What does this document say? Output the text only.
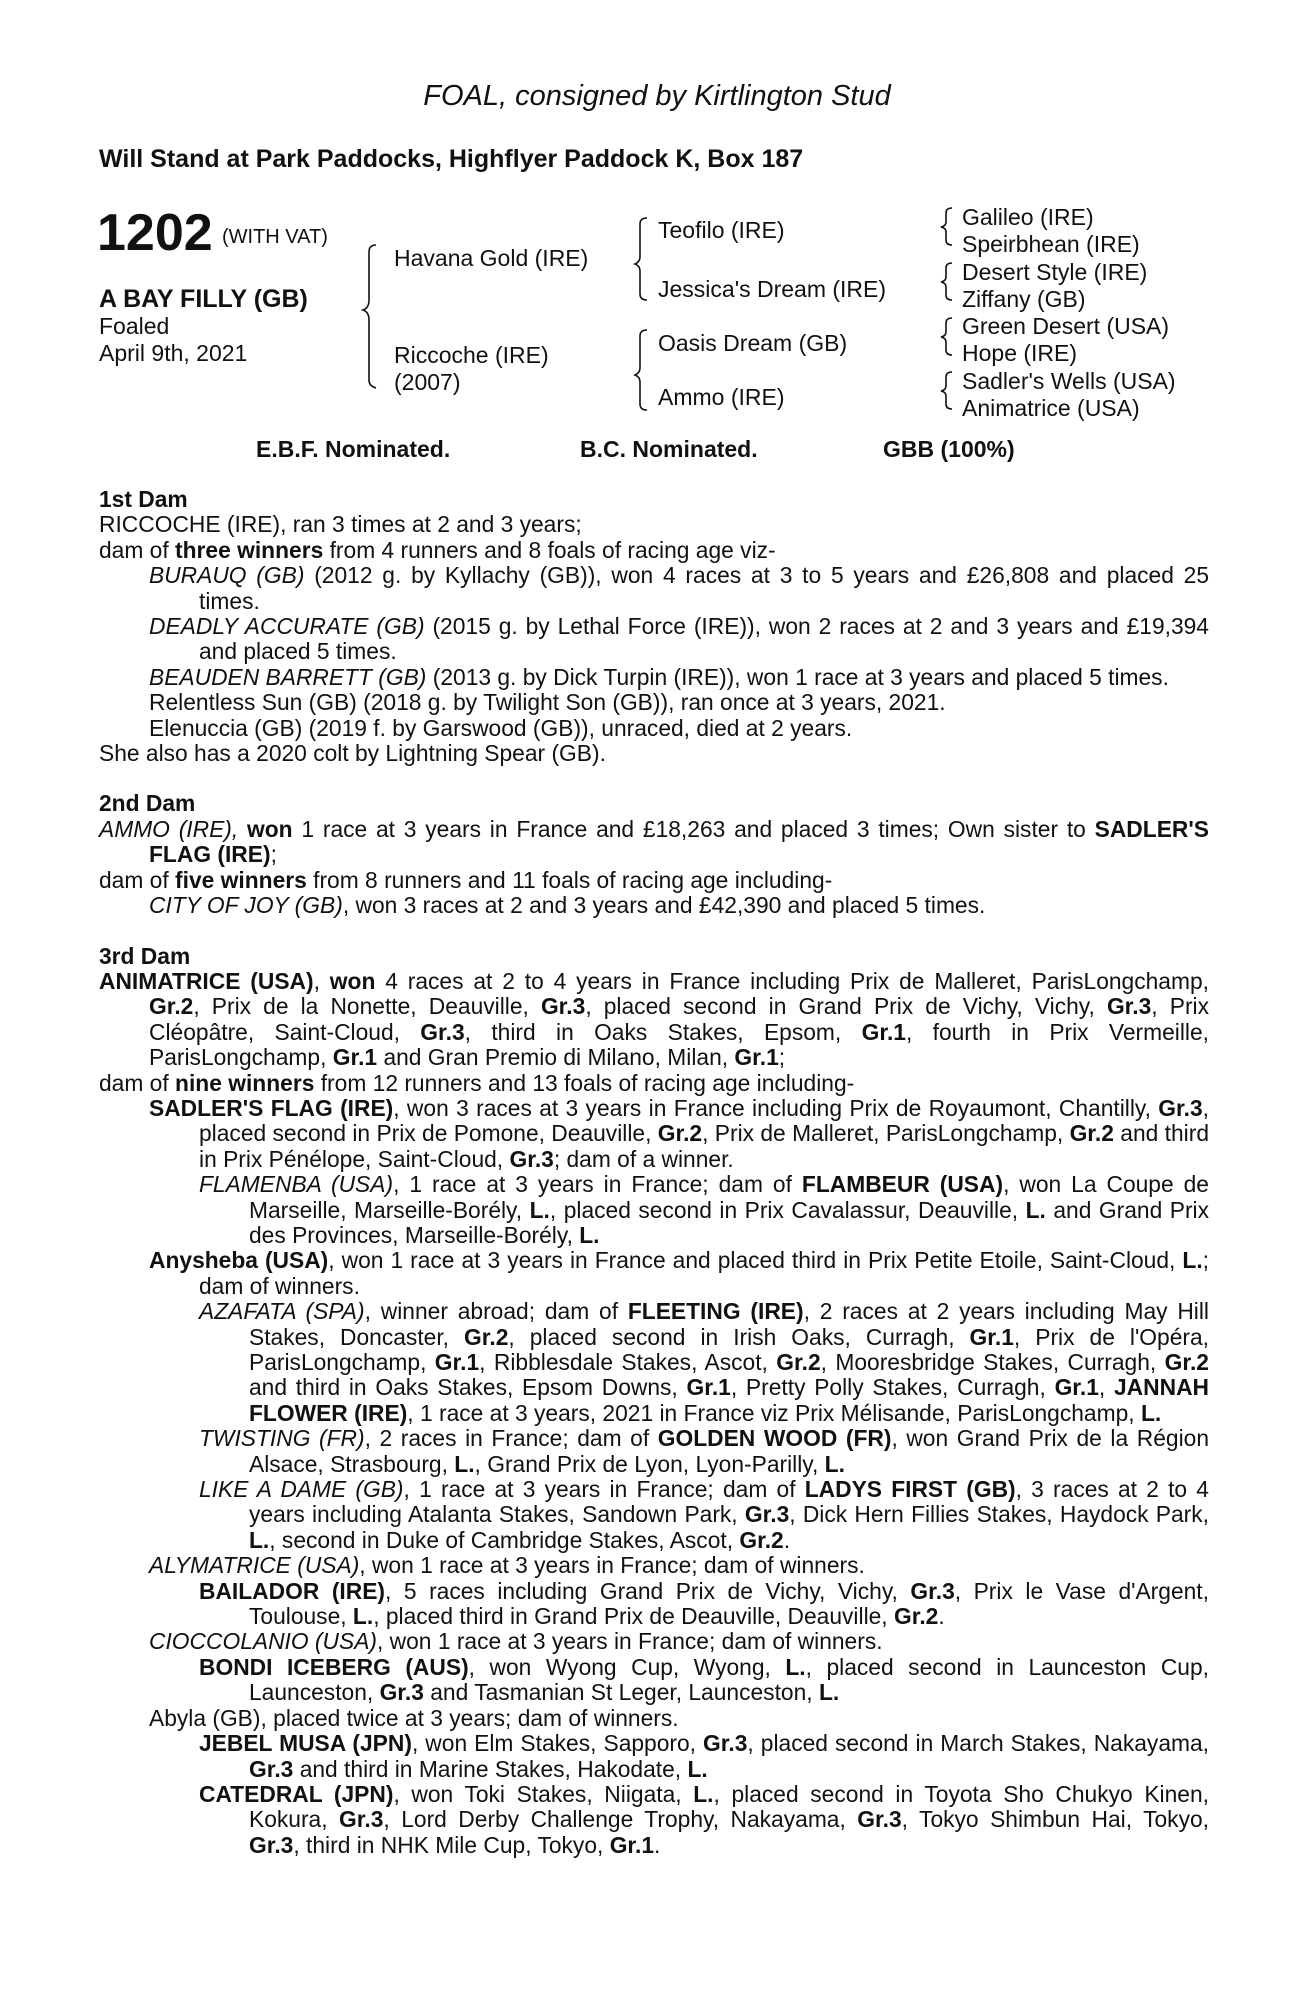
FOAL, consigned by Kirtlington Stud
Will Stand at Park Paddocks, Highflyer Paddock K, Box 187
1202 (WITH VAT)
A BAY FILLY (GB)
Foaled
April 9th, 2021
Havana Gold (IRE)
Riccoche (IRE)
(2007)
Teofilo (IRE)
Jessica's Dream (IRE)
Oasis Dream (GB)
Ammo (IRE)
Galileo (IRE)
Speirbhean (IRE)
Desert Style (IRE)
Ziffany (GB)
Green Desert (USA)
Hope (IRE)
Sadler's Wells (USA)
Animatrice (USA)
E.B.F. Nominated.	B.C. Nominated.	GBB (100%)
1st Dam
RICCOCHE (IRE), ran 3 times at 2 and 3 years;
dam of three winners from 4 runners and 8 foals of racing age viz-
BURAUQ (GB) (2012 g. by Kyllachy (GB)), won 4 races at 3 to 5 years and £26,808 and placed 25 times.
DEADLY ACCURATE (GB) (2015 g. by Lethal Force (IRE)), won 2 races at 2 and 3 years and £19,394 and placed 5 times.
BEAUDEN BARRETT (GB) (2013 g. by Dick Turpin (IRE)), won 1 race at 3 years and placed 5 times.
Relentless Sun (GB) (2018 g. by Twilight Son (GB)), ran once at 3 years, 2021.
Elenuccia (GB) (2019 f. by Garswood (GB)), unraced, died at 2 years.
She also has a 2020 colt by Lightning Spear (GB).
2nd Dam
AMMO (IRE), won 1 race at 3 years in France and £18,263 and placed 3 times; Own sister to SADLER'S FLAG (IRE);
dam of five winners from 8 runners and 11 foals of racing age including-
CITY OF JOY (GB), won 3 races at 2 and 3 years and £42,390 and placed 5 times.
3rd Dam
ANIMATRICE (USA), won 4 races at 2 to 4 years in France including Prix de Malleret, ParisLongchamp, Gr.2, Prix de la Nonette, Deauville, Gr.3, placed second in Grand Prix de Vichy, Vichy, Gr.3, Prix Cléopâtre, Saint-Cloud, Gr.3, third in Oaks Stakes, Epsom, Gr.1, fourth in Prix Vermeille, ParisLongchamp, Gr.1 and Gran Premio di Milano, Milan, Gr.1;
dam of nine winners from 12 runners and 13 foals of racing age including-
SADLER'S FLAG (IRE), won 3 races at 3 years in France including Prix de Royaumont, Chantilly, Gr.3, placed second in Prix de Pomone, Deauville, Gr.2, Prix de Malleret, ParisLongchamp, Gr.2 and third in Prix Pénélope, Saint-Cloud, Gr.3; dam of a winner.
FLAMENBA (USA), 1 race at 3 years in France; dam of FLAMBEUR (USA), won La Coupe de Marseille, Marseille-Borély, L., placed second in Prix Cavalassur, Deauville, L. and Grand Prix des Provinces, Marseille-Borély, L.
Anysheba (USA), won 1 race at 3 years in France and placed third in Prix Petite Etoile, Saint-Cloud, L.; dam of winners.
AZAFATA (SPA), winner abroad; dam of FLEETING (IRE), 2 races at 2 years including May Hill Stakes, Doncaster, Gr.2, placed second in Irish Oaks, Curragh, Gr.1, Prix de l'Opéra, ParisLongchamp, Gr.1, Ribblesdale Stakes, Ascot, Gr.2, Mooresbridge Stakes, Curragh, Gr.2 and third in Oaks Stakes, Epsom Downs, Gr.1, Pretty Polly Stakes, Curragh, Gr.1, JANNAH FLOWER (IRE), 1 race at 3 years, 2021 in France viz Prix Mélisande, ParisLongchamp, L.
TWISTING (FR), 2 races in France; dam of GOLDEN WOOD (FR), won Grand Prix de la Région Alsace, Strasbourg, L., Grand Prix de Lyon, Lyon-Parilly, L.
LIKE A DAME (GB), 1 race at 3 years in France; dam of LADYS FIRST (GB), 3 races at 2 to 4 years including Atalanta Stakes, Sandown Park, Gr.3, Dick Hern Fillies Stakes, Haydock Park, L., second in Duke of Cambridge Stakes, Ascot, Gr.2.
ALYMATRICE (USA), won 1 race at 3 years in France; dam of winners.
BAILADOR (IRE), 5 races including Grand Prix de Vichy, Vichy, Gr.3, Prix le Vase d'Argent, Toulouse, L., placed third in Grand Prix de Deauville, Deauville, Gr.2.
CIOCCOLANIO (USA), won 1 race at 3 years in France; dam of winners.
BONDI ICEBERG (AUS), won Wyong Cup, Wyong, L., placed second in Launceston Cup, Launceston, Gr.3 and Tasmanian St Leger, Launceston, L.
Abyla (GB), placed twice at 3 years; dam of winners.
JEBEL MUSA (JPN), won Elm Stakes, Sapporo, Gr.3, placed second in March Stakes, Nakayama, Gr.3 and third in Marine Stakes, Hakodate, L.
CATEDRAL (JPN), won Toki Stakes, Niigata, L., placed second in Toyota Sho Chukyo Kinen, Kokura, Gr.3, Lord Derby Challenge Trophy, Nakayama, Gr.3, Tokyo Shimbun Hai, Tokyo, Gr.3, third in NHK Mile Cup, Tokyo, Gr.1.
